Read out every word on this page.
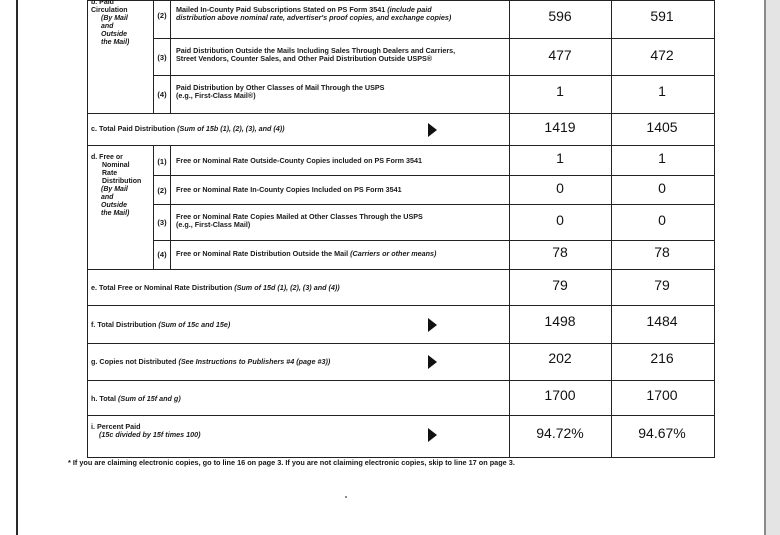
b. Paid
Circulation
(By Mail
and
Outside
the Mail)
(2)
Mailed In-County Paid Subscriptions Stated on PS Form 3541 (include paid
distribution above nominal rate, advertiser's proof copies, and exchange copies)	596	591
(3)
Paid Distribution Outside the Mails Including Sales Through Dealers and Carriers,
Street Vendors, Counter Sales, and Other Paid Distribution Outside USPS®	477	472
(4)
Paid Distribution by Other Classes of Mail Through the USPS
(e.g., First-Class Mail®)	1	1
c. Total Paid Distribution (Sum of 15b (1), (2), (3), and (4))	1419	1405
d. Free or
Nominal
Rate
Distribution
(By Mail
and
Outside
the Mail)
(1)	Free or Nominal Rate Outside-County Copies included on PS Form 3541	1	1
(2)	Free or Nominal Rate In-County Copies Included on PS Form 3541	0	0
(3)
Free or Nominal Rate Copies Mailed at Other Classes Through the USPS
(e.g., First-Class Mail)	0	0
(4)	Free or Nominal Rate Distribution Outside the Mail (Carriers or other means)	78	78
e. Total Free or Nominal Rate Distribution (Sum of 15d (1), (2), (3) and (4))	79	79
f. Total Distribution (Sum of 15c and 15e)	1498	1484
g. Copies not Distributed (See Instructions to Publishers #4 (page #3))	202	216
h. Total (Sum of 15f and g)	1700	1700
i. Percent Paid
(15c divided by 15f times 100)	94.72%	94.67%
* If you are claiming electronic copies, go to line 16 on page 3. If you are not claiming electronic copies, skip to line 17 on page 3.
